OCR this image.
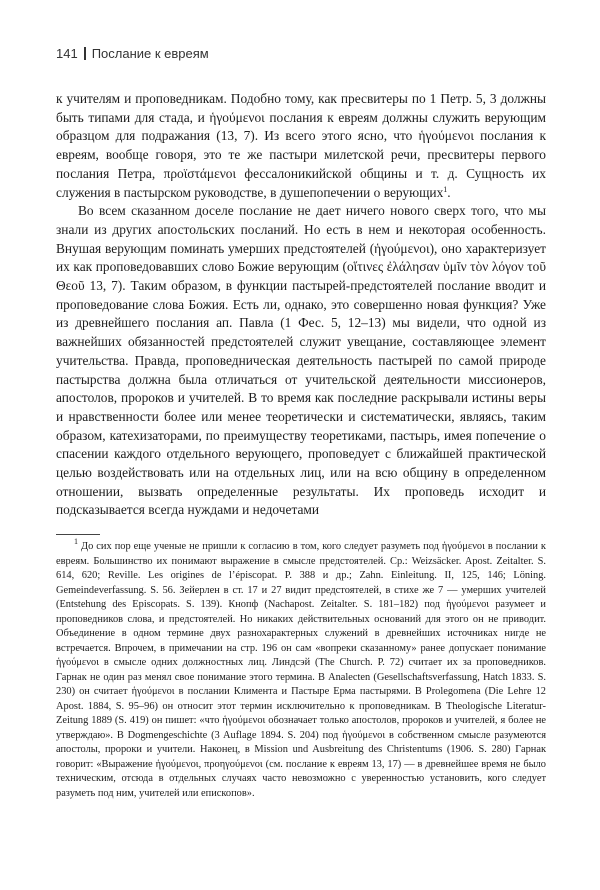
141 Послание к евреям

к учителям и проповедникам. Подобно тому, как пресвитеры по 1 Петр. 5, 3 должны быть типами для стада, и ἡγούμενοι послания к евреям должны служить верующим образцом для подражания (13, 7). Из всего этого ясно, что ἡγούμενοι послания к евреям, вообще говоря, это те же пастыри милетской речи, пресвитеры первого послания Петра, προϊστάμενοι фессалоникийской общины и т. д. Сущность их служения в пастырском руководстве, в душепопечении о верующих$^1$.

Во всем сказанном доселе послание не дает ничего нового сверх того, что мы знали из других апостольских посланий. Но есть в нем и некоторая особенность. Внушая верующим поминать умерших предстоятелей (ἡγούμενοι), оно характеризует их как проповедовавших слово Божие верующим (οἵτινες ἐλάλησαν ὑμῖν τὸν λόγον τοῦ Θεοῦ 13, 7). Таким образом, в функции пастырей-предстоятелей послание вводит и проповедование слова Божия. Есть ли, однако, это совершенно новая функция? Уже из древнейшего послания ап. Павла (1 Фес. 5, 12–13) мы видели, что одной из важнейших обязанностей предстоятелей служит увещание, составляющее элемент учительства. Правда, проповедническая деятельность пастырей по самой природе пастырства должна была отличаться от учительской деятельности миссионеров, апостолов, пророков и учителей. В то время как последние раскрывали истины веры и нравственности более или менее теоретически и систематически, являясь, таким образом, катехизаторами, по преимуществу теоретиками, пастырь, имея попечение о спасении каждого отдельного верующего, проповедует с ближайшей практической целью воздействовать или на отдельных лиц, или на всю общину в определенном отношении, вызвать определенные результаты. Их проповедь исходит и подсказывается всегда нуждами и недочетами

$^1$ До сих пор еще ученые не пришли к согласию в том, кого следует разуметь под ἡγούμενοι в послании к евреям. Большинство их понимают выражение в смысле предстоятелей. Ср.: Weizsäcker. Apost. Zeitalter. S. 614, 620; Reville. Les origines de l’épiscopat. P. 388 и др.; Zahn. Einleitung. II, 125, 146; Löning. Gemeindeverfassung. S. 56. Зейерлен в ст. 17 и 27 видит предстоятелей, в стихе же 7 — умерших учителей (Entstehung des Episcopats. S. 139). Кнопф (Nachapost. Zeitalter. S. 181–182) под ἡγούμενοι разумеет и проповедников слова, и предстоятелей. Но никаких действительных оснований для этого он не приводит. Объединение в одном термине двух разнохарактерных служений в древнейших источниках нигде не встречается. Впрочем, в примечании на стр. 196 он сам «вопреки сказанному» ранее допускает понимание ἡγούμενοι в смысле одних должностных лиц. Линдсэй (The Church. P. 72) считает их за проповедников. Гарнак не один раз менял свое понимание этого термина. В Analecten (Gesellschaftsverfassung, Hatch 1833. S. 230) он считает ἡγούμενοι в послании Климента и Пастыре Ерма пастырями. В Prolegomena (Die Lehre 12 Apost. 1884, S. 95–96) он относит этот термин исключительно к проповедникам. В Theologische Literatur-Zeitung 1889 (S. 419) он пишет: «что ἡγούμενοι обозначает только апостолов, пророков и учителей, я более не утверждаю». В Dogmengeschichte (3 Auflage 1894. S. 204) под ἡγούμενοι в собственном смысле разумеются апостолы, пророки и учители. Наконец, в Mission und Ausbreitung des Christentums (1906. S. 280) Гарнак говорит: «Выражение ἡγούμενοι, προηγούμενοι (см. послание к евреям 13, 17) — в древнейшее время не было техническим, отсюда в отдельных случаях часто невозможно с уверенностью установить, кого следует разуметь под ним, учителей или епископов».
